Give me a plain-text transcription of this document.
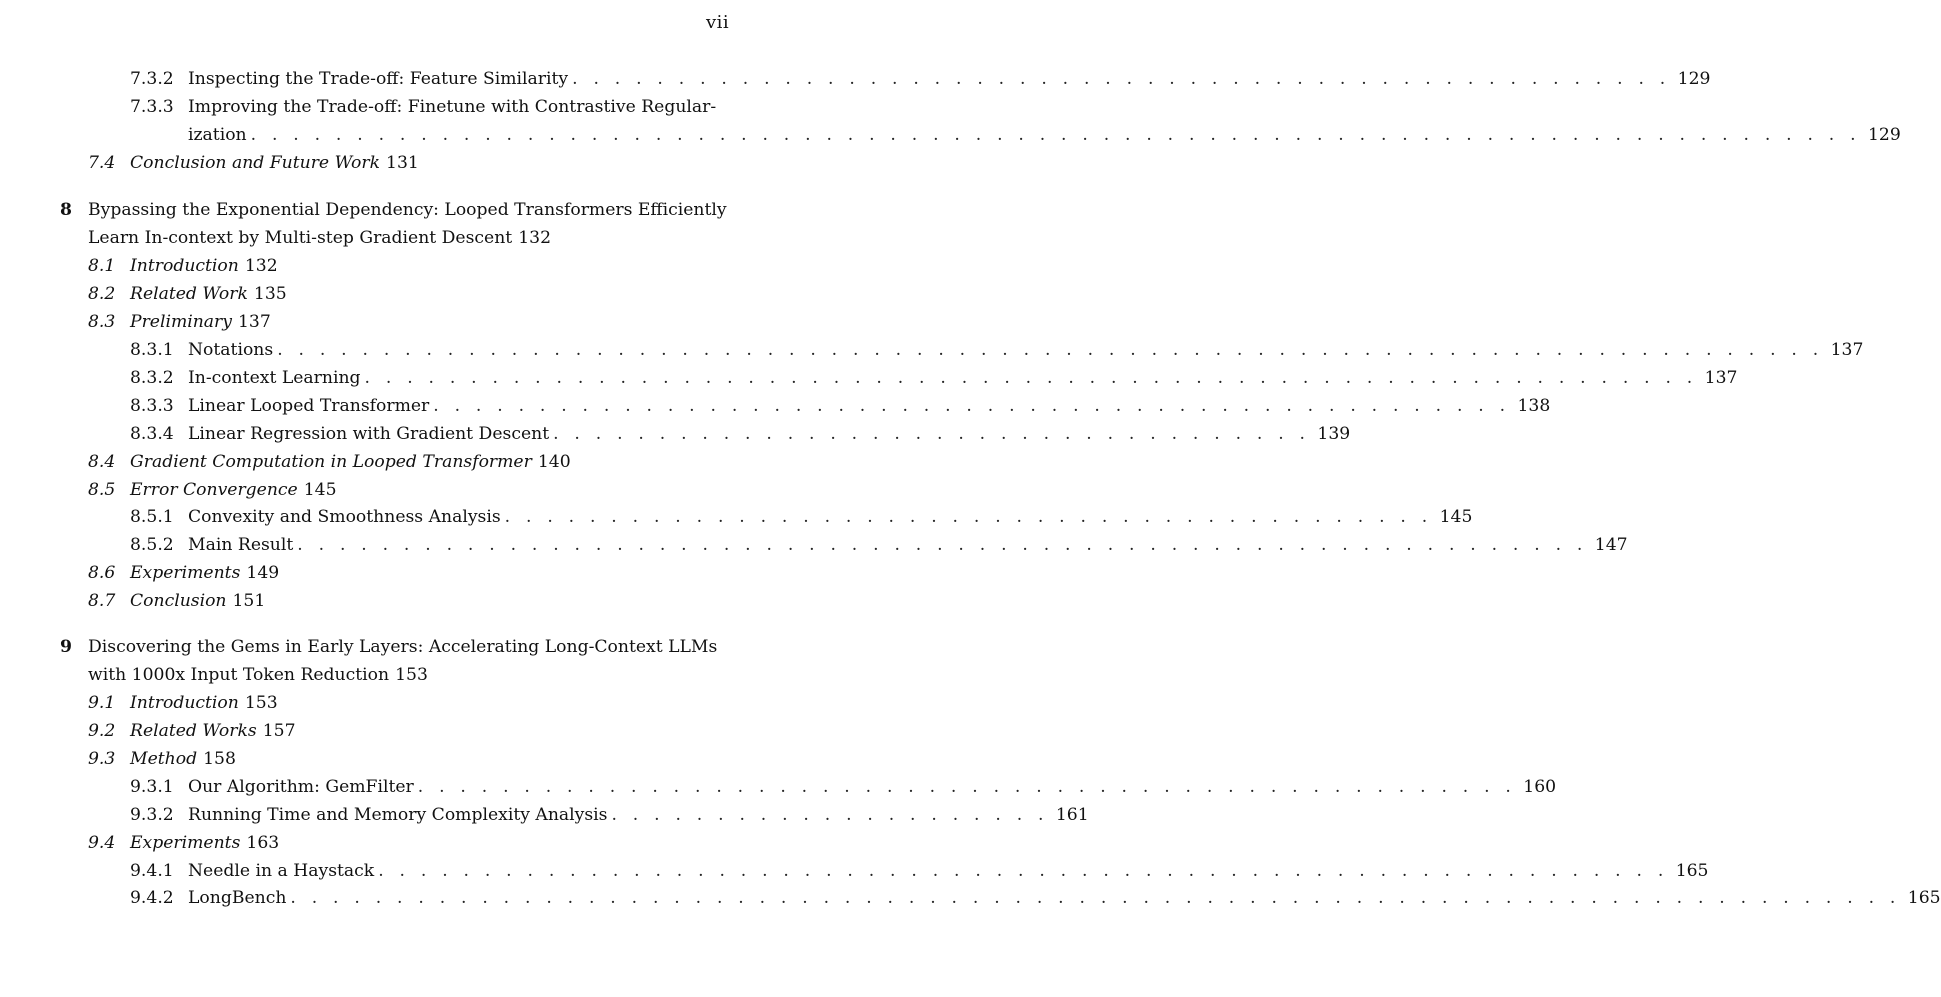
vii
7.3.2 Inspecting the Trade-off: Feature Similarity . . . . . . . . . . . . . . . . . . . . . . . . . . . . . . . . . . . . . . . . . . . . . . . . . . . . 129
7.3.3 Improving the Trade-off: Finetune with Contrastive Regular-
ization . . . . . . . . . . . . . . . . . . . . . . . . . . . . . . . . . . . . . . . . . . . . . . . . . . . . . . . . . . . . . . . . . . . . . . . . . . . . 129
7.4 Conclusion and Future Work 131
8 Bypassing the Exponential Dependency: Looped Transformers Efficiently
Learn In-context by Multi-step Gradient Descent 132
8.1 Introduction 132
8.2 Related Work 135
8.3 Preliminary 137
8.3.1 Notations . . . . . . . . . . . . . . . . . . . . . . . . . . . . . . . . . . . . . . . . . . . . . . . . . . . . . . . . . . . . . . . . . . . . . . . . . 137
8.3.2 In-context Learning . . . . . . . . . . . . . . . . . . . . . . . . . . . . . . . . . . . . . . . . . . . . . . . . . . . . . . . . . . . . . . . 137
8.3.3 Linear Looped Transformer . . . . . . . . . . . . . . . . . . . . . . . . . . . . . . . . . . . . . . . . . . . . . . . . . . . 138
8.3.4 Linear Regression with Gradient Descent . . . . . . . . . . . . . . . . . . . . . . . . . . . . . . . . . . . . 139
8.4 Gradient Computation in Looped Transformer 140
8.5 Error Convergence 145
8.5.1 Convexity and Smoothness Analysis . . . . . . . . . . . . . . . . . . . . . . . . . . . . . . . . . . . . . . . . . . . . 145
8.5.2 Main Result . . . . . . . . . . . . . . . . . . . . . . . . . . . . . . . . . . . . . . . . . . . . . . . . . . . . . . . . . . . . . 147
8.6 Experiments 149
8.7 Conclusion 151
9 Discovering the Gems in Early Layers: Accelerating Long-Context LLMs
with 1000x Input Token Reduction 153
9.1 Introduction 153
9.2 Related Works 157
9.3 Method 158
9.3.1 Our Algorithm: GemFilter . . . . . . . . . . . . . . . . . . . . . . . . . . . . . . . . . . . . . . . . . . . . . . . . . . . . 160
9.3.2 Running Time and Memory Complexity Analysis . . . . . . . . . . . . . . . . . . . . . 161
9.4 Experiments 163
9.4.1 Needle in a Haystack . . . . . . . . . . . . . . . . . . . . . . . . . . . . . . . . . . . . . . . . . . . . . . . . . . . . . . . . . . . . . 165
9.4.2 LongBench . . . . . . . . . . . . . . . . . . . . . . . . . . . . . . . . . . . . . . . . . . . . . . . . . . . . . . . . . . . . . . . . . . . . . . . . . . . . 165
